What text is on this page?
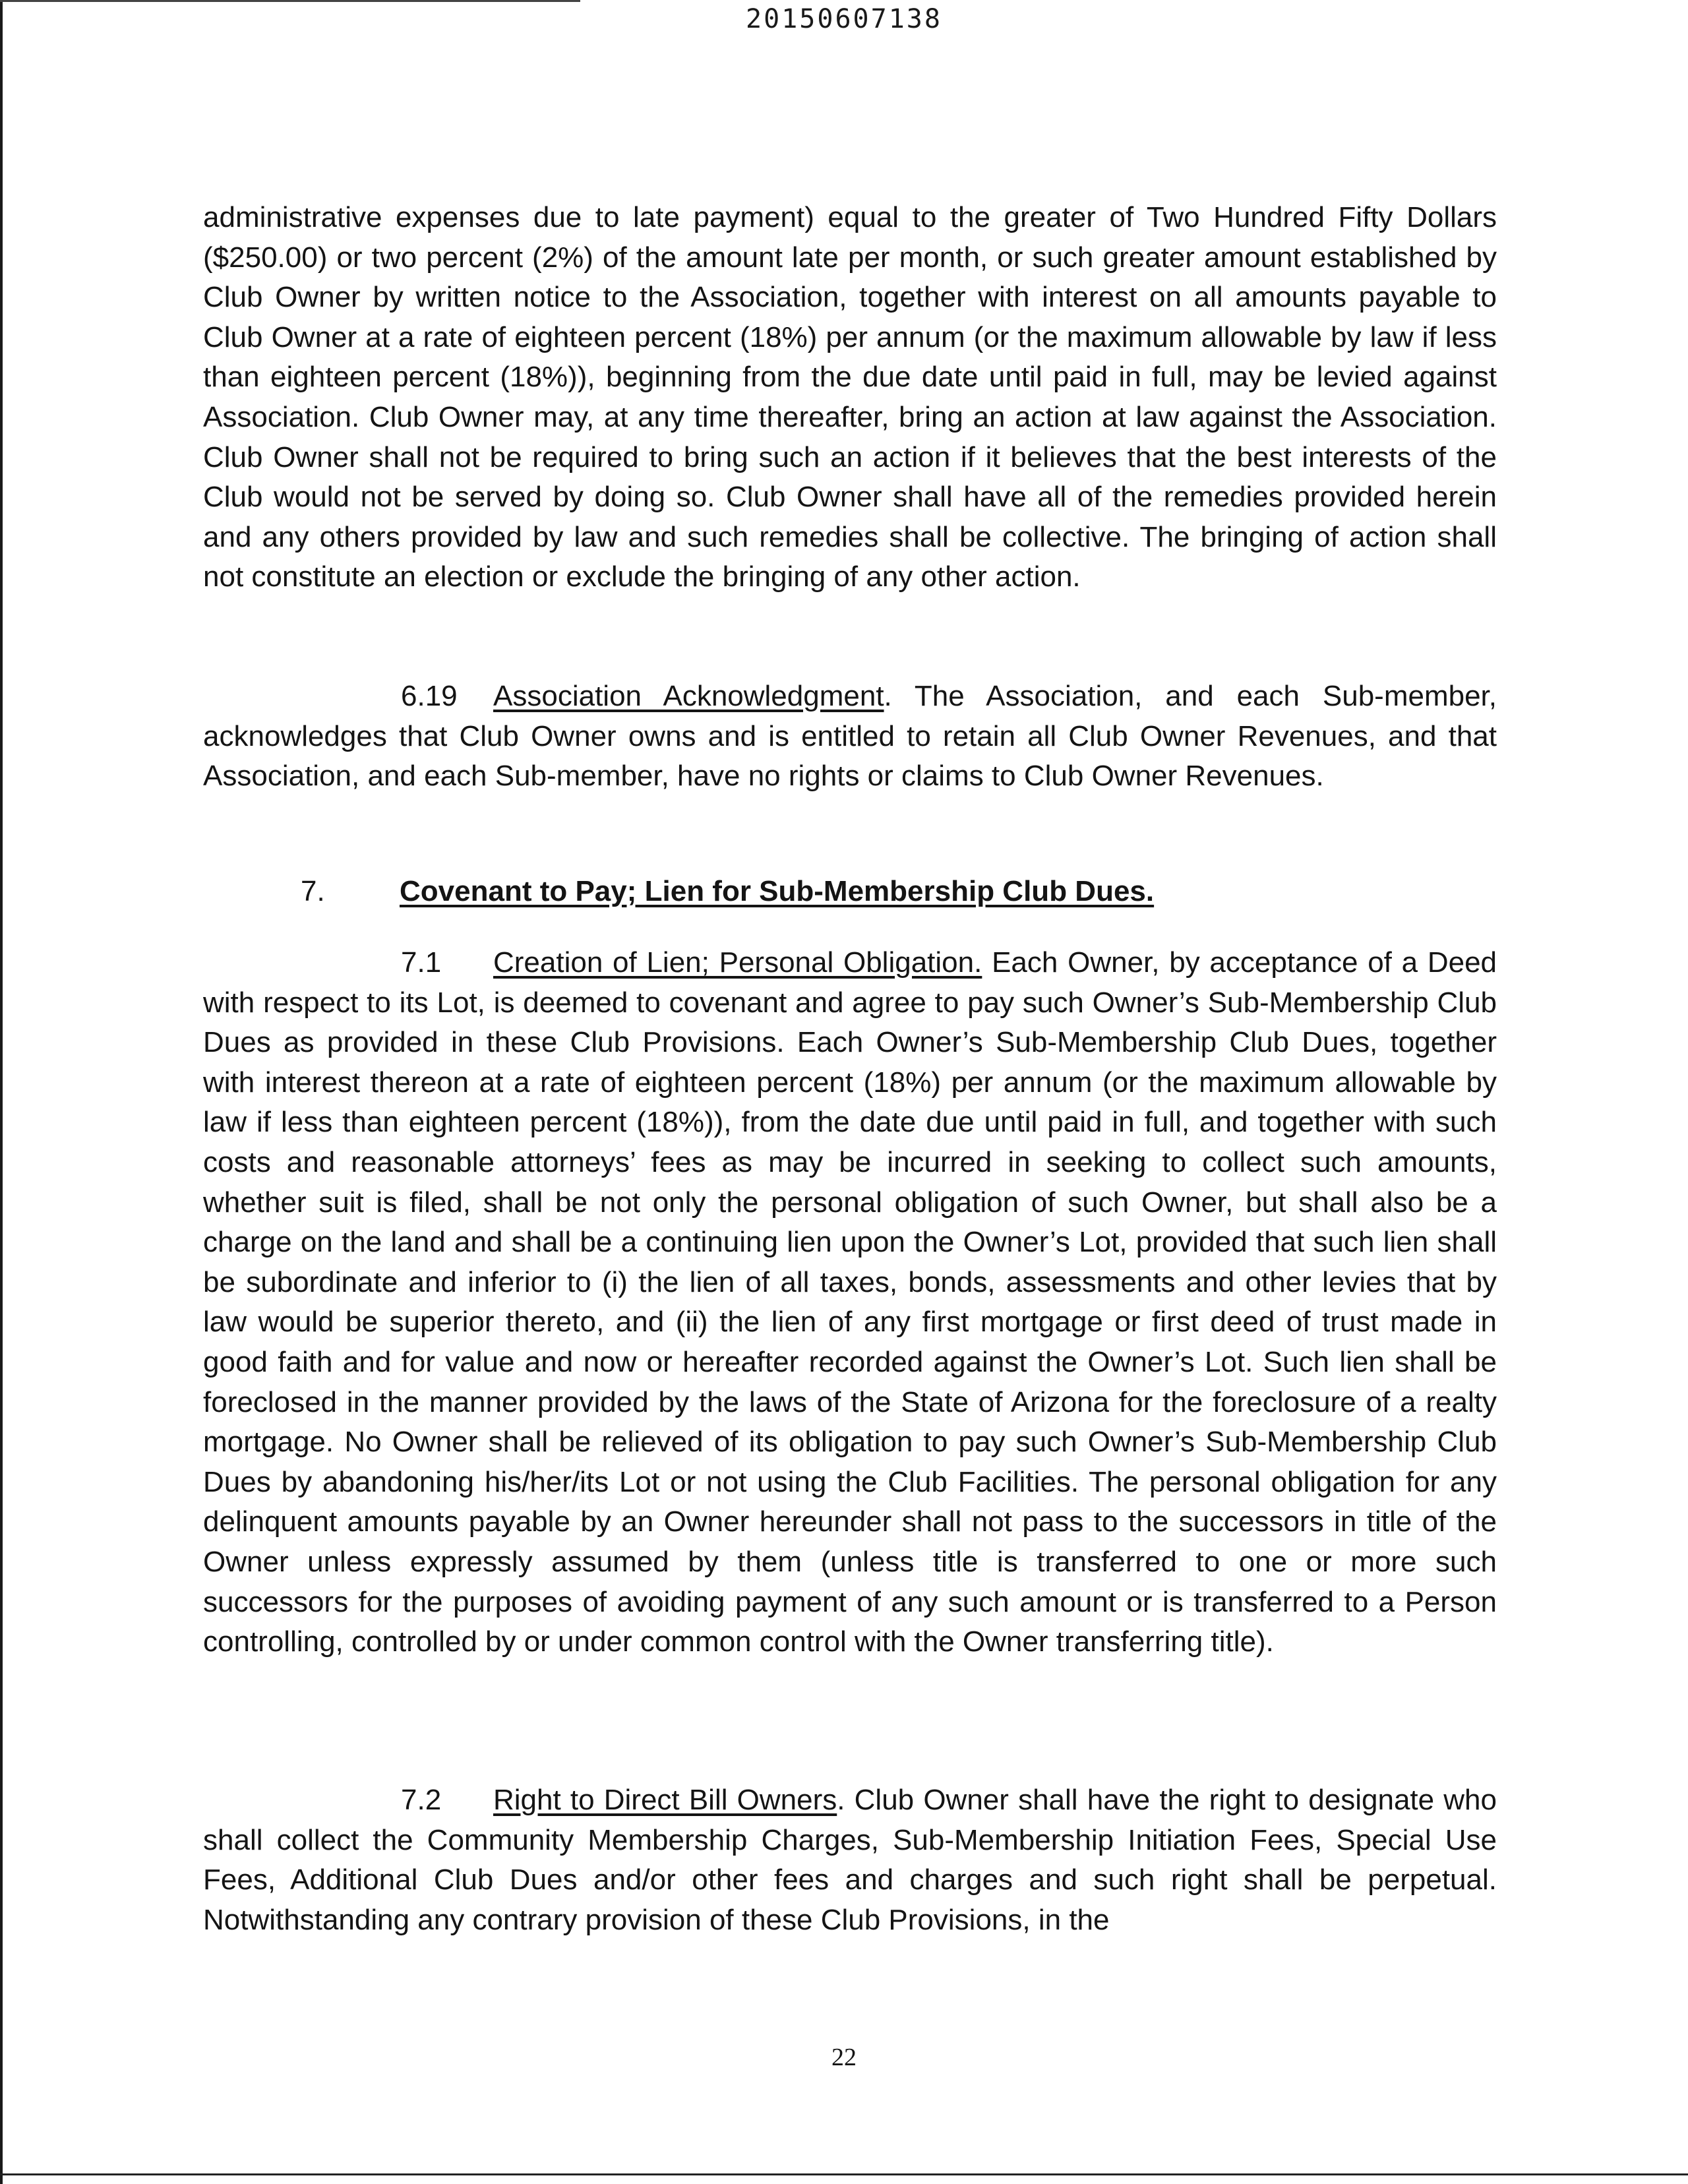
20150607138

administrative expenses due to late payment) equal to the greater of Two Hundred Fifty Dollars ($250.00) or two percent (2%) of the amount late per month, or such greater amount established by Club Owner by written notice to the Association, together with interest on all amounts payable to Club Owner at a rate of eighteen percent (18%) per annum (or the maximum allowable by law if less than eighteen percent (18%)), beginning from the due date until paid in full, may be levied against Association. Club Owner may, at any time thereafter, bring an action at law against the Association. Club Owner shall not be required to bring such an action if it believes that the best interests of the Club would not be served by doing so. Club Owner shall have all of the remedies provided herein and any others provided by law and such remedies shall be collective. The bringing of action shall not constitute an election or exclude the bringing of any other action.

6.19 Association Acknowledgment. The Association, and each Sub-member, acknowledges that Club Owner owns and is entitled to retain all Club Owner Revenues, and that Association, and each Sub-member, have no rights or claims to Club Owner Revenues.

7.	Covenant to Pay; Lien for Sub-Membership Club Dues.

7.1 Creation of Lien; Personal Obligation. Each Owner, by acceptance of a Deed with respect to its Lot, is deemed to covenant and agree to pay such Owner’s Sub-Membership Club Dues as provided in these Club Provisions. Each Owner’s Sub-Membership Club Dues, together with interest thereon at a rate of eighteen percent (18%) per annum (or the maximum allowable by law if less than eighteen percent (18%)), from the date due until paid in full, and together with such costs and reasonable attorneys’ fees as may be incurred in seeking to collect such amounts, whether suit is filed, shall be not only the personal obligation of such Owner, but shall also be a charge on the land and shall be a continuing lien upon the Owner’s Lot, provided that such lien shall be subordinate and inferior to (i) the lien of all taxes, bonds, assessments and other levies that by law would be superior thereto, and (ii) the lien of any first mortgage or first deed of trust made in good faith and for value and now or hereafter recorded against the Owner’s Lot. Such lien shall be foreclosed in the manner provided by the laws of the State of Arizona for the foreclosure of a realty mortgage. No Owner shall be relieved of its obligation to pay such Owner’s Sub-Membership Club Dues by abandoning his/her/its Lot or not using the Club Facilities. The personal obligation for any delinquent amounts payable by an Owner hereunder shall not pass to the successors in title of the Owner unless expressly assumed by them (unless title is transferred to one or more such successors for the purposes of avoiding payment of any such amount or is transferred to a Person controlling, controlled by or under common control with the Owner transferring title).

7.2 Right to Direct Bill Owners. Club Owner shall have the right to designate who shall collect the Community Membership Charges, Sub-Membership Initiation Fees, Special Use Fees, Additional Club Dues and/or other fees and charges and such right shall be perpetual. Notwithstanding any contrary provision of these Club Provisions, in the

22
